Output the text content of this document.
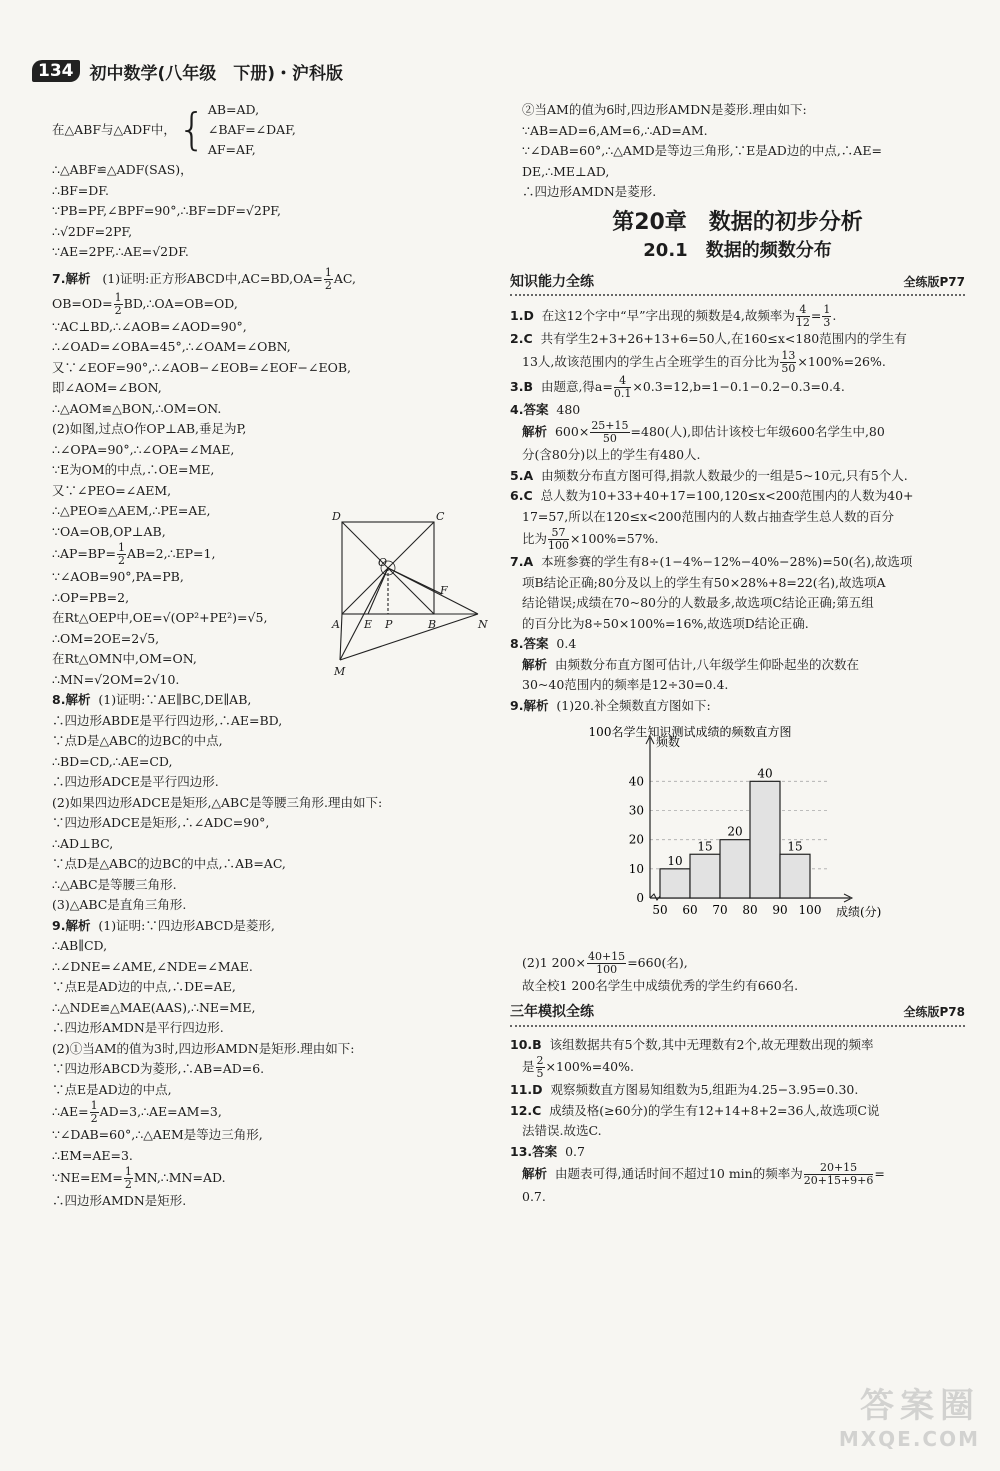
134 初中数学(八年级　下册)・沪科版
在△ABF与△ADF中， { AB=AD,
∠BAF=∠DAF,
AF=AF,

∴△ABF≌△ADF(SAS)，

∴BF=DF.

∵PB=PF,∠BPF=90°,∴BF=DF=√2PF,

∴√2DF=2PF,

∵AE=2PF,∴AE=√2DF.

7.解析 (1)证明:正方形ABCD中$,AC=BD,OA= \frac{1}{2}$ AC,

$OB=OD= \frac{1}{2}$ BD,∴OA=OB=OD,

∵AC⊥BD,∴∠AOB=∠AOD=90°,

∴∠OAD=∠OBA=45°,∴∠OAM=∠OBN,

又∵∠EOF=90°,∴∠AOB−∠EOB=∠EOF−∠EOB,

即∠AOM=∠BON,

∴△AOM≌△BON,∴OM=ON.

(2)如图,过点O作OP⊥AB,垂足为P,

∴∠OPA=90°,∴∠OPA=∠MAE,

∵E为OM的中点,∴OE=ME,

又∵∠PEO=∠AEM,

∴△PEO≌△AEM,∴PE=AE,

∵OA=OB,OP⊥AB,

∴AP=BP= $\frac{1}{2}$ AB=2,∴EP=1,

∵∠AOB=90°,PA=PB,

∴OP=PB=2,

在Rt△OEP中,OE=√(OP²+PE²)=√5,

∴OM=2OE=2√5,

在Rt△OMN中,OM=ON,

∴MN=√2OM=2√10.

8.解析 (1)证明:∵AE∥BC,DE∥AB,

∴四边形ABDE是平行四边形,∴AE=BD,

∵点D是△ABC的边BC的中点,

∴BD=CD,∴AE=CD,

∴四边形ADCE是平行四边形.

(2)如果四边形ADCE是矩形,△ABC是等腰三角形.理由如下:

∵四边形ADCE是矩形,∴∠ADC=90°,

∴AD⊥BC,

∵点D是△ABC的边BC的中点,∴AB=AC,

∴△ABC是等腰三角形.

(3)△ABC是直角三角形.

9.解析 (1)证明:∵四边形ABCD是菱形,

∴AB∥CD,

∴∠DNE=∠AME,∠NDE=∠MAE.

∵点E是AD边的中点,∴DE=AE,

∴△NDE≌△MAE(AAS),∴NE=ME,

∴四边形AMDN是平行四边形.

(2)①当AM的值为3时,四边形AMDN是矩形.理由如下:

∵四边形ABCD为菱形,∴AB=AD=6.

∵点E是AD边的中点,

∴AE= $\frac{1}{2}$ AD=3,∴AE=AM=3,

∵∠DAB=60°,∴△AEM是等边三角形,

∴EM=AE=3.

∵NE=EM= $\frac{1}{2}$ MN,∴MN=AD.

∴四边形AMDN是矩形.

D	C
O
F
A E P	B	N
M

②当AM的值为6时,四边形AMDN是菱形.理由如下:

∵AB=AD=6,AM=6,∴AD=AM.

∵∠DAB=60°,∴△AMD是等边三角形,∵E是AD边的中点,∴AE=

DE,∴ME⊥AD,

∴四边形AMDN是菱形.

第20章　数据的初步分析
20.1　数据的频数分布
知识能力全练	全练版P77

1.D 在这12个字中“早”字出现的频数是4,故频率为 $\frac{4}{12} = \frac{1}{3}$ .

2.C 共有学生2+3+26+13+6=50人,在160≤x<180范围内的学生有

13人,故该范围内的学生占全班学生的百分比为 $\frac{13}{50} \times 100\%=26\%$.

3.B 由题意,得$a= \frac{4}{0.1} \times 0.3=12,b=1-0.1-0.2-0.3=0.4$.

4.答案 480

解析 $600\times \frac{25+15}{50} =480$(人),即估计该校七年级600名学生中,80

分(含80分)以上的学生有480人.

5.A 由频数分布直方图可得,捐款人数最少的一组是5~10元,只有5个人.

6.C 总人数为10+33+40+17=100,120≤x<200范围内的人数为40+

17=57,所以在120≤x<200范围内的人数占抽查学生总人数的百分

比为 $\frac{57}{100} \times 100\%=57\%$.

7.A 本班参赛的学生有8÷(1−4%−12%−40%−28%)=50(名),故选项

项B结论正确;80分及以上的学生有50×28%+8=22(名),故选项A

结论错误;成绩在70~80分的人数最多,故选项C结论正确;第五组

的百分比为8÷50×100%=16%,故选项D结论正确.

8.答案 0.4

解析 由频数分布直方图可估计,八年级学生仰卧起坐的次数在

30~40范围内的频率是12÷30=0.4.

9.解析 (1)20.补全频数直方图如下:

100名学生知识测试成绩的频数直方图
0
10
20
30
40
50 60 70 80 90 100
10
15
20
40
15
频数
成绩(分)

(2)1 $200\times \frac{40+15}{100} =660$(名),

故全校1 200名学生中成绩优秀的学生约有660名.

三年模拟全练	全练版P78

10.B 该组数据共有5个数,其中无理数有2个,故无理数出现的频率

是 $\frac{2}{5} \times 100\%=40\%$.

11.D 观察频数直方图易知组数为5,组距为4.25−3.95=0.30.

12.C 成绩及格(≥60分)的学生有12+14+8+2=36人,故选项C说

法错误.故选C.

13.答案 0.7

解析 由题表可得,通话时间不超过10 min的频率为 $\frac{20+15}{20+15+9+6}$ =

0.7.

答案圈
MXQE.COM
